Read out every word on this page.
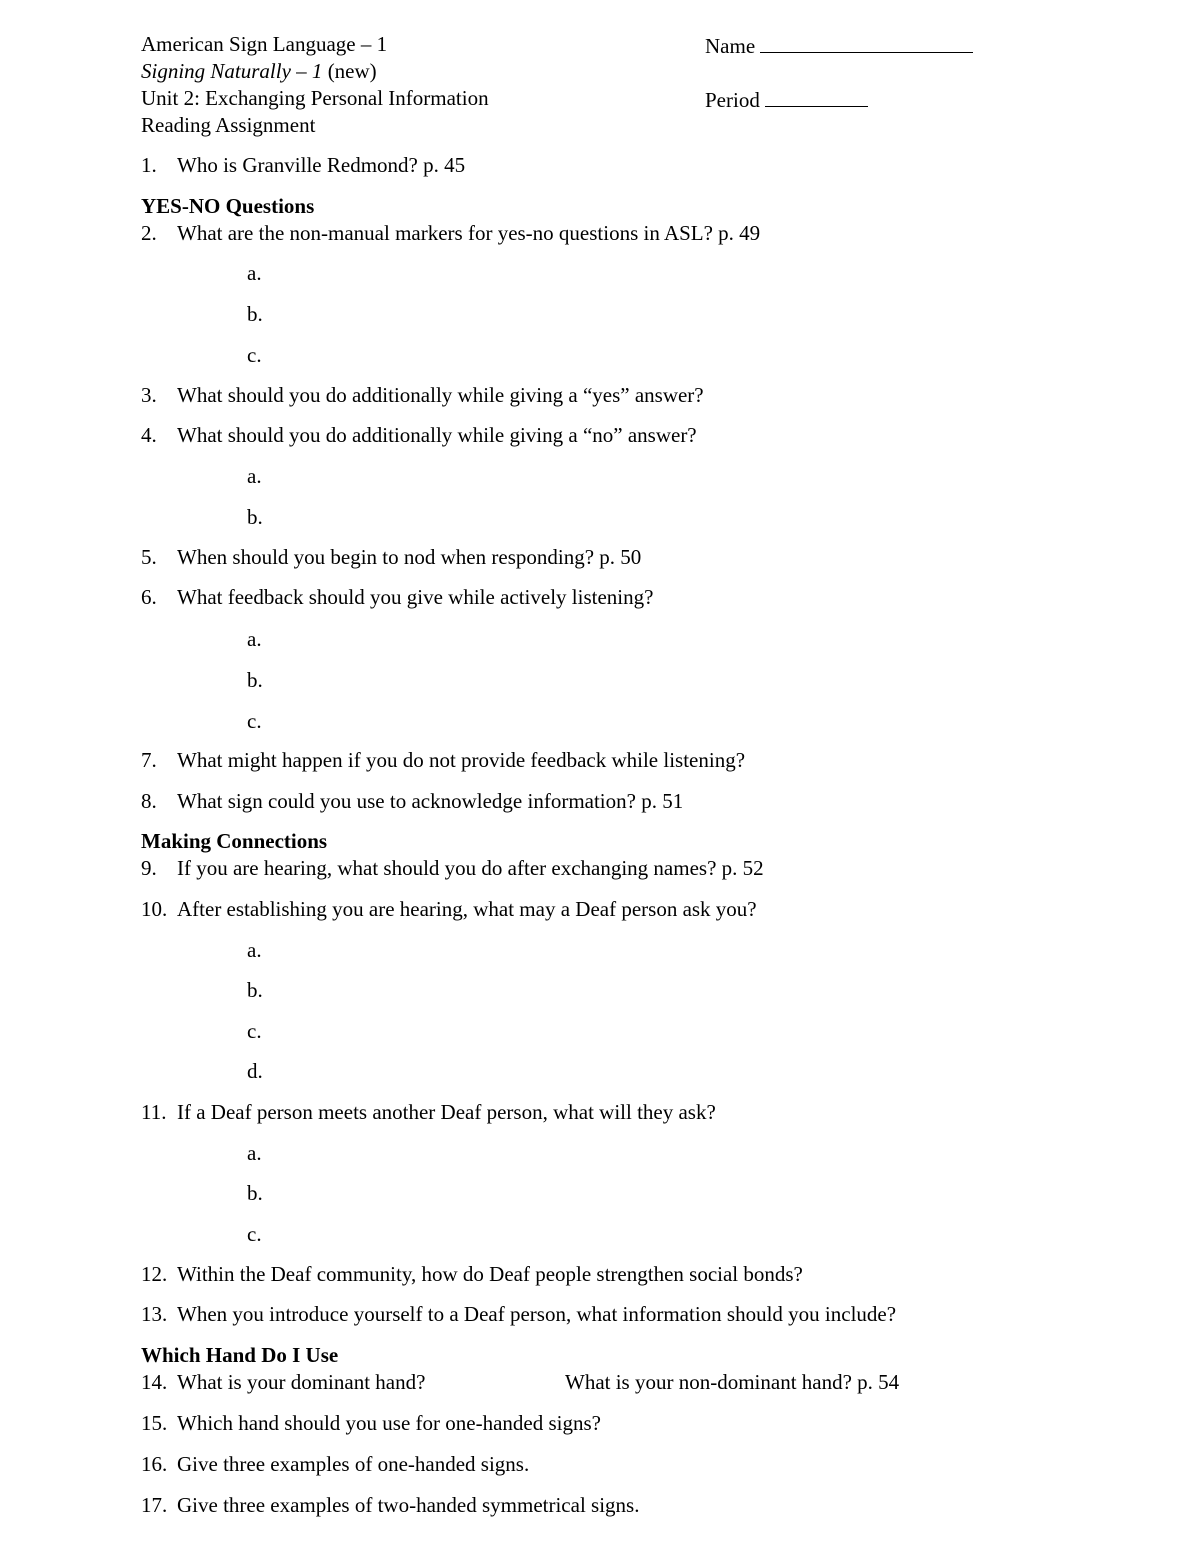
American Sign Language – 1
Signing Naturally – 1 (new)
Unit 2: Exchanging Personal Information
Reading Assignment
Name
Period
1. Who is Granville Redmond? p. 45
YES-NO Questions
2. What are the non-manual markers for yes-no questions in ASL? p. 49
a.
b.
c.
3. What should you do additionally while giving a “yes” answer?
4. What should you do additionally while giving a “no” answer?
a.
b.
5. When should you begin to nod when responding? p. 50
6. What feedback should you give while actively listening?
a.
b.
c.
7. What might happen if you do not provide feedback while listening?
8. What sign could you use to acknowledge information? p. 51
Making Connections
9. If you are hearing, what should you do after exchanging names? p. 52
10. After establishing you are hearing, what may a Deaf person ask you?
a.
b.
c.
d.
11. If a Deaf person meets another Deaf person, what will they ask?
a.
b.
c.
12. Within the Deaf community, how do Deaf people strengthen social bonds?
13. When you introduce yourself to a Deaf person, what information should you include?
Which Hand Do I Use
14. What is your dominant hand?	What is your non-dominant hand? p. 54
15. Which hand should you use for one-handed signs?
16. Give three examples of one-handed signs.
17. Give three examples of two-handed symmetrical signs.
